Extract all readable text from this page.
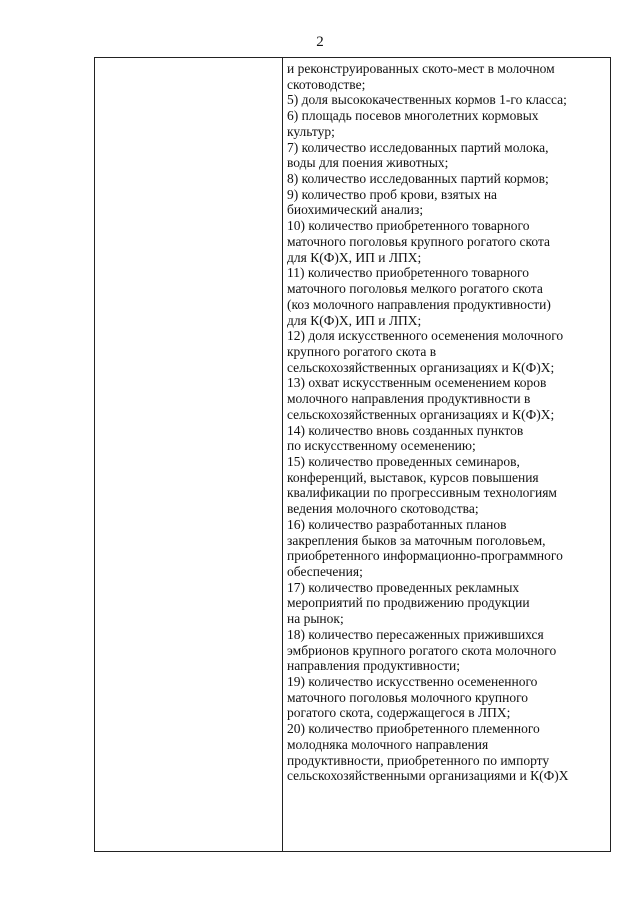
2
и реконструированных ското-мест в молочном
скотоводстве;
5) доля высококачественных кормов 1-го класса;
6) площадь посевов многолетних кормовых
культур;
7) количество исследованных партий молока,
воды для поения животных;
8) количество исследованных партий кормов;
9) количество проб крови, взятых на
биохимический анализ;
10) количество приобретенного товарного
маточного поголовья крупного рогатого скота
для К(Ф)Х, ИП и ЛПХ;
11) количество приобретенного товарного
маточного поголовья мелкого рогатого скота
(коз молочного направления продуктивности)
для К(Ф)Х, ИП и ЛПХ;
12) доля искусственного осеменения молочного
крупного рогатого скота в
сельскохозяйственных организациях и К(Ф)Х;
13) охват искусственным осеменением коров
молочного направления продуктивности в
сельскохозяйственных организациях и К(Ф)Х;
14) количество вновь созданных пунктов
по искусственному осеменению;
15) количество проведенных семинаров,
конференций, выставок, курсов повышения
квалификации по прогрессивным технологиям
ведения молочного скотоводства;
16) количество разработанных планов
закрепления быков за маточным поголовьем,
приобретенного информационно-программного
обеспечения;
17) количество проведенных рекламных
мероприятий по продвижению продукции
на рынок;
18) количество пересаженных прижившихся
эмбрионов крупного рогатого скота молочного
направления продуктивности;
19) количество искусственно осемененного
маточного поголовья молочного крупного
рогатого скота, содержащегося в ЛПХ;
20) количество приобретенного племенного
молодняка молочного направления
продуктивности, приобретенного по импорту
сельскохозяйственными организациями и К(Ф)Х
